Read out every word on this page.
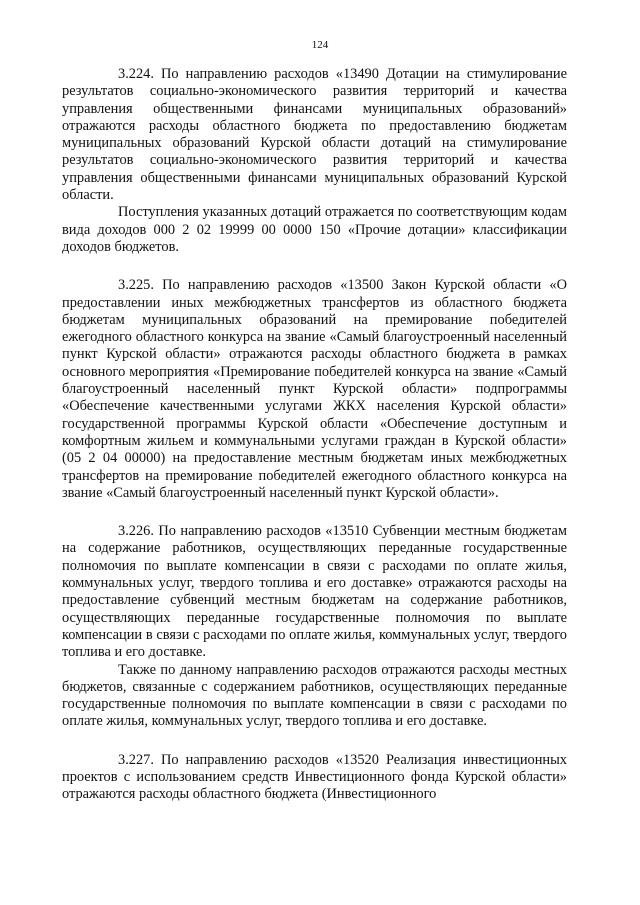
124

3.224. По направлению расходов «13490 Дотации на стимулирование результатов социально-экономического развития территорий и качества управления общественными финансами муниципальных образований» отражаются расходы областного бюджета по предоставлению бюджетам муниципальных образований Курской области дотаций на стимулирование результатов социально-экономического развития территорий и качества управления общественными финансами муниципальных образований Курской области.

Поступления указанных дотаций отражается по соответствующим кодам вида доходов 000 2 02 19999 00 0000 150 «Прочие дотации» классификации доходов бюджетов.

3.225. По направлению расходов «13500 Закон Курской области «О предоставлении иных межбюджетных трансфертов из областного бюджета бюджетам муниципальных образований на премирование победителей ежегодного областного конкурса на звание «Самый благоустроенный населенный пункт Курской области» отражаются расходы областного бюджета в рамках основного мероприятия «Премирование победителей конкурса на звание «Самый благоустроенный населенный пункт Курской области» подпрограммы «Обеспечение качественными услугами ЖКХ населения Курской области» государственной программы Курской области «Обеспечение доступным и комфортным жильем и коммунальными услугами граждан в Курской области» (05 2 04 00000) на предоставление местным бюджетам иных межбюджетных трансфертов на премирование победителей ежегодного областного конкурса на звание «Самый благоустроенный населенный пункт Курской области».

3.226. По направлению расходов «13510 Субвенции местным бюджетам на содержание работников, осуществляющих переданные государственные полномочия по выплате компенсации в связи с расходами по оплате жилья, коммунальных услуг, твердого топлива и его доставке» отражаются расходы на предоставление субвенций местным бюджетам на содержание работников, осуществляющих переданные государственные полномочия по выплате компенсации в связи с расходами по оплате жилья, коммунальных услуг, твердого топлива и его доставке.

Также по данному направлению расходов отражаются расходы местных бюджетов, связанные с содержанием работников, осуществляющих переданные государственные полномочия по выплате компенсации в связи с расходами по оплате жилья, коммунальных услуг, твердого топлива и его доставке.

3.227. По направлению расходов «13520 Реализация инвестиционных проектов с использованием средств Инвестиционного фонда Курской области» отражаются расходы областного бюджета (Инвестиционного
